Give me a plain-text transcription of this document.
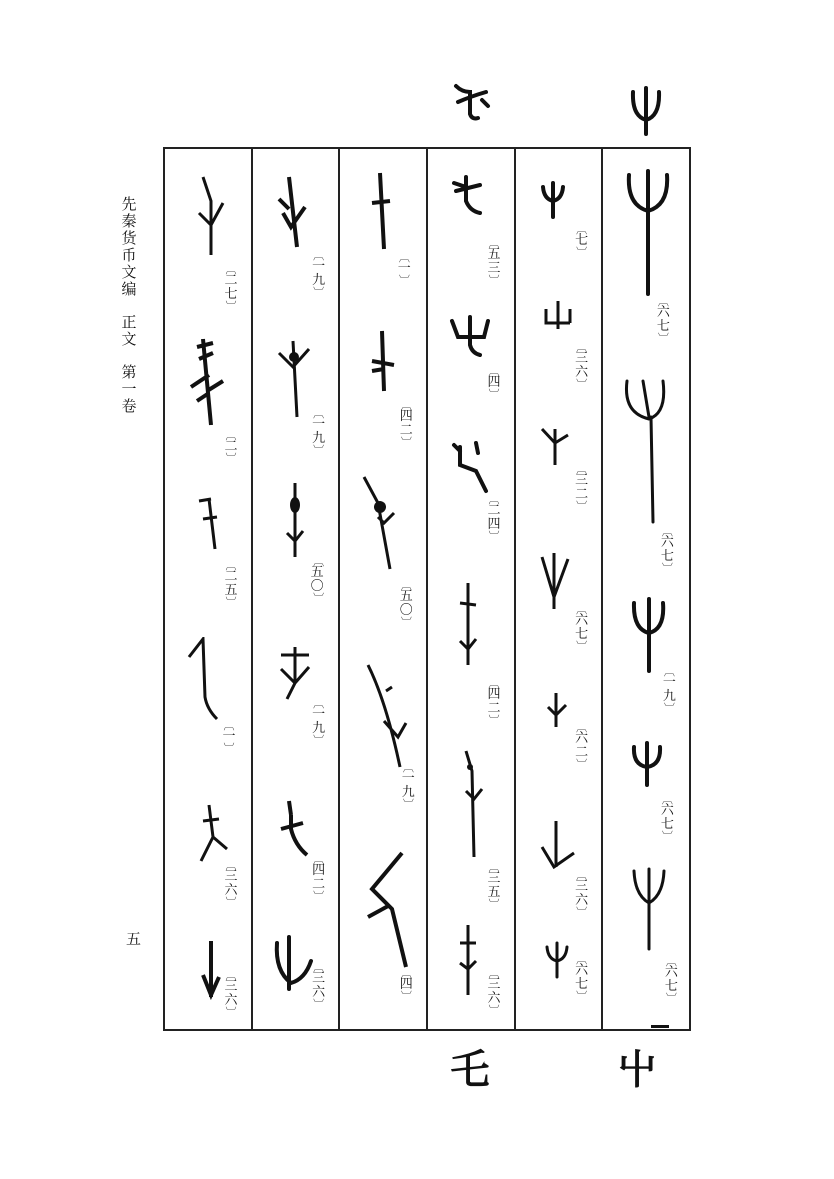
先
秦
货
币
文
编
正
文
第
一
卷
五
︹
六
七
︺
︹
六
七
︺
︹
一
九
︺
︹
六
七
︺
︹
六
七
︺
︹
七
︺
︹
三
六
︺
︹
三
二
︺
︹
六
七
︺
︹
六
二
︺
︹
三
六
︺
︹
六
七
︺
︹
五
三
︺
︹
四
︺
︹
二
四
︺
︹
四
二
︺
︹
三
五
︺
︹
三
六
︺
︹
一
︺
︹
四
二
︺
︹
五
〇
︺
︹
一
九
︺
︹
四
︺
︹
一
九
︺
︹
一
九
︺
︹
五〇
︺
︹
一
九
︺
︹
四
二
︺
︹
三
六
︺
︹
二
七
︺
︹
二
︺
︹
二
五
︺
︹
一
︺
︹
三
六
︺
︹
三
六
︺
屮
乇
